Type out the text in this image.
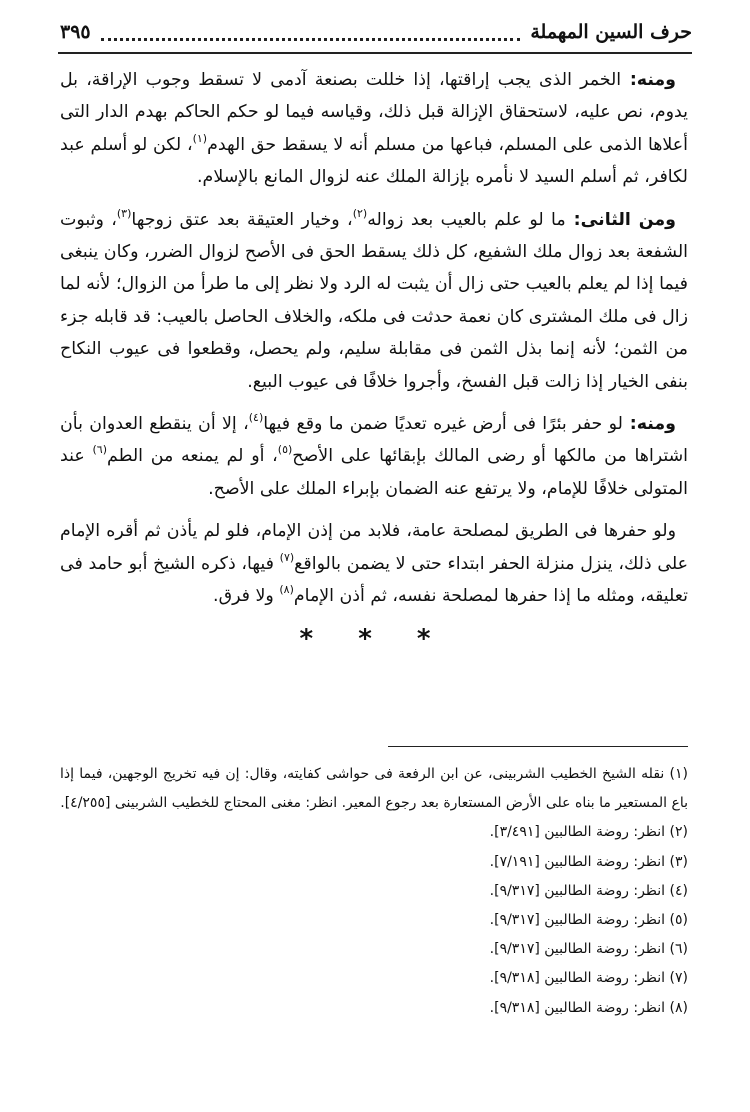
حرف السين المهملة
٣٩٥

ومنه: الخمر الذى يجب إراقتها، إذا خللت بصنعة آدمى لا تسقط وجوب الإراقة، بل يدوم، نص عليه، لاستحقاق الإزالة قبل ذلك، وقياسه فيما لو حكم الحاكم بهدم الدار التى أعلاها الذمى على المسلم، فباعها من مسلم أنه لا يسقط حق الهدم$^{(١)}$، لكن لو أسلم عبد لكافر، ثم أسلم السيد لا نأمره بإزالة الملك عنه لزوال المانع بالإسلام.

ومن الثانى: ما لو علم بالعيب بعد زواله$^{(٢)}$، وخيار العتيقة بعد عتق زوجها$^{(٣)}$، وثبوت الشفعة بعد زوال ملك الشفيع، كل ذلك يسقط الحق فى الأصح لزوال الضرر، وكان ينبغى فيما إذا لم يعلم بالعيب حتى زال أن يثبت له الرد ولا نظر إلى ما طرأ من الزوال؛ لأنه لما زال فى ملك المشترى كان نعمة حدثت فى ملكه، والخلاف الحاصل بالعيب: قد قابله جزء من الثمن؛ لأنه إنما بذل الثمن فى مقابلة سليم، ولم يحصل، وقطعوا فى عيوب النكاح بنفى الخيار إذا زالت قبل الفسخ، وأجروا خلافًا فى عيوب البيع.

ومنه: لو حفر بئرًا فى أرض غيره تعديًا ضمن ما وقع فيها$^{(٤)}$، إلا أن ينقطع العدوان بأن اشتراها من مالكها أو رضى المالك بإبقائها على الأصح$^{(٥)}$، أو لم يمنعه من الطم$^{(٦)}$ عند المتولى خلافًا للإمام، ولا يرتفع عنه الضمان بإبراء الملك على الأصح.

ولو حفرها فى الطريق لمصلحة عامة، فلابد من إذن الإمام، فلو لم يأذن ثم أقره الإمام على ذلك، ينزل منزلة الحفر ابتداء حتى لا يضمن بالواقع$^{(٧)}$ فيها، ذكره الشيخ أبو حامد فى تعليقه، ومثله ما إذا حفرها لمصلحة نفسه، ثم أذن الإمام$^{(٨)}$ ولا فرق.

* * *

(١) نقله الشيخ الخطيب الشربينى، عن ابن الرفعة فى حواشى كفايته، وقال: إن فيه تخريج الوجهين، فيما إذا باع المستعير ما بناه على الأرض المستعارة بعد رجوع المعير. انظر: مغنى المحتاج للخطيب الشربينى [٤/٢٥٥].

(٢) انظر: روضة الطالبين [٣/٤٩١].

(٣) انظر: روضة الطالبين [٧/١٩١].

(٤) انظر: روضة الطالبين [٩/٣١٧].

(٥) انظر: روضة الطالبين [٩/٣١٧].

(٦) انظر: روضة الطالبين [٩/٣١٧].

(٧) انظر: روضة الطالبين [٩/٣١٨].

(٨) انظر: روضة الطالبين [٩/٣١٨].
